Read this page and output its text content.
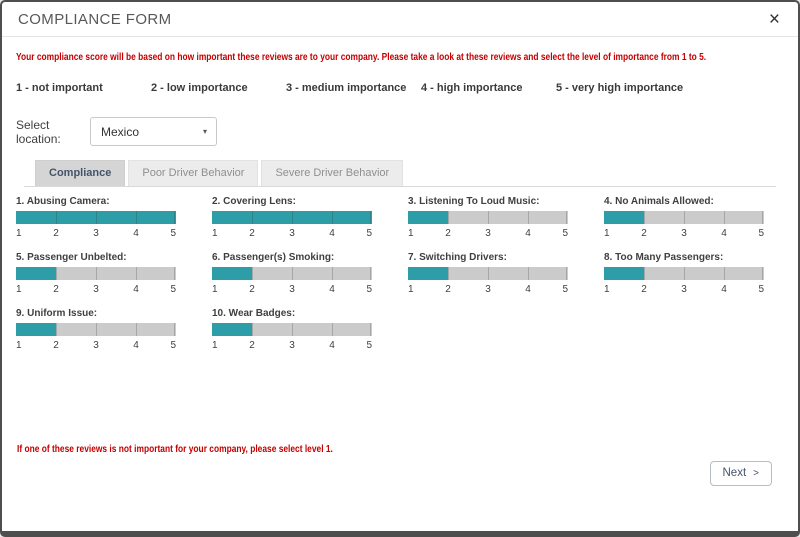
COMPLIANCE FORM	×
Your compliance score will be based on how important these reviews are to your company. Please take a look at these reviews and select the level of importance from 1 to 5.
1 - not important	2 - low importance	3 - medium importance	4 - high importance	5 - very high importance
Select location:	Mexico	▾
Compliance	Poor Driver Behavior	Severe Driver Behavior
1. Abusing Camera:
1	2	3	4	5
2. Covering Lens:
1	2	3	4	5
3. Listening To Loud Music:
1	2	3	4	5
4. No Animals Allowed:
1	2	3	4	5
5. Passenger Unbelted:
1	2	3	4	5
6. Passenger(s) Smoking:
1	2	3	4	5
7. Switching Drivers:
1	2	3	4	5
8. Too Many Passengers:
1	2	3	4	5
9. Uniform Issue:
1	2	3	4	5
10. Wear Badges:
1	2	3	4	5
If one of these reviews is not important for your company, please select level 1.
Next >
